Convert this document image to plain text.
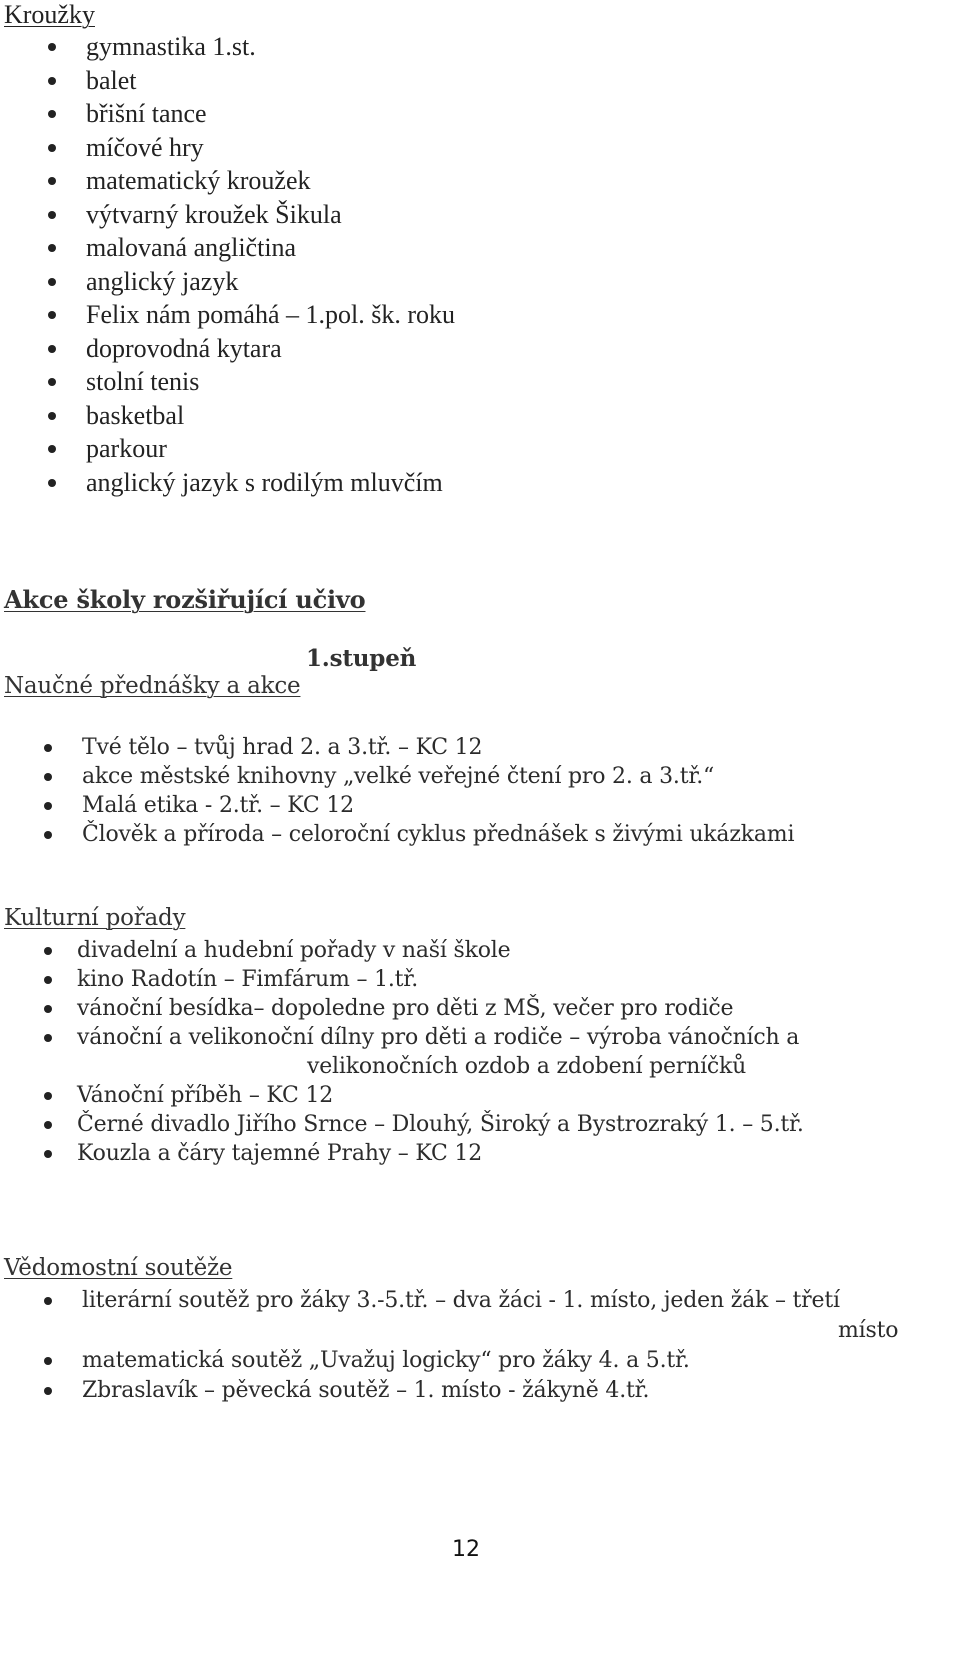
Kroužky
gymnastika 1.st.
balet
břišní tance
míčové hry
matematický kroužek
výtvarný kroužek Šikula
malovaná angličtina
anglický jazyk
Felix nám pomáhá – 1.pol. šk. roku
doprovodná kytara
stolní tenis
basketbal
parkour
anglický jazyk s rodilým mluvčím
Akce školy rozšiřující učivo
1.stupeň
Naučné přednášky a akce
Tvé tělo – tvůj hrad 2. a 3.tř. – KC 12
akce městské knihovny „velké veřejné čtení pro 2. a 3.tř.“
Malá etika - 2.tř. – KC 12
Člověk a příroda – celoroční cyklus přednášek s živými ukázkami
Kulturní pořady
divadelní a hudební pořady v naší škole
kino Radotín – Fimfárum – 1.tř.
vánoční besídka– dopoledne pro děti z MŠ, večer pro rodiče
vánoční a velikonoční dílny pro děti a rodiče – výroba vánočních a
velikonočních ozdob a zdobení perníčků
Vánoční příběh – KC 12
Černé divadlo Jiřího Srnce – Dlouhý, Široký a Bystrozraký 1. – 5.tř.
Kouzla a čáry tajemné Prahy – KC 12
Vědomostní soutěže
literární soutěž pro žáky 3.-5.tř. – dva žáci - 1. místo, jeden žák – třetí
místo
matematická soutěž „Uvažuj logicky“ pro žáky 4. a 5.tř.
Zbraslavík – pěvecká soutěž – 1. místo - žákyně 4.tř.
12
